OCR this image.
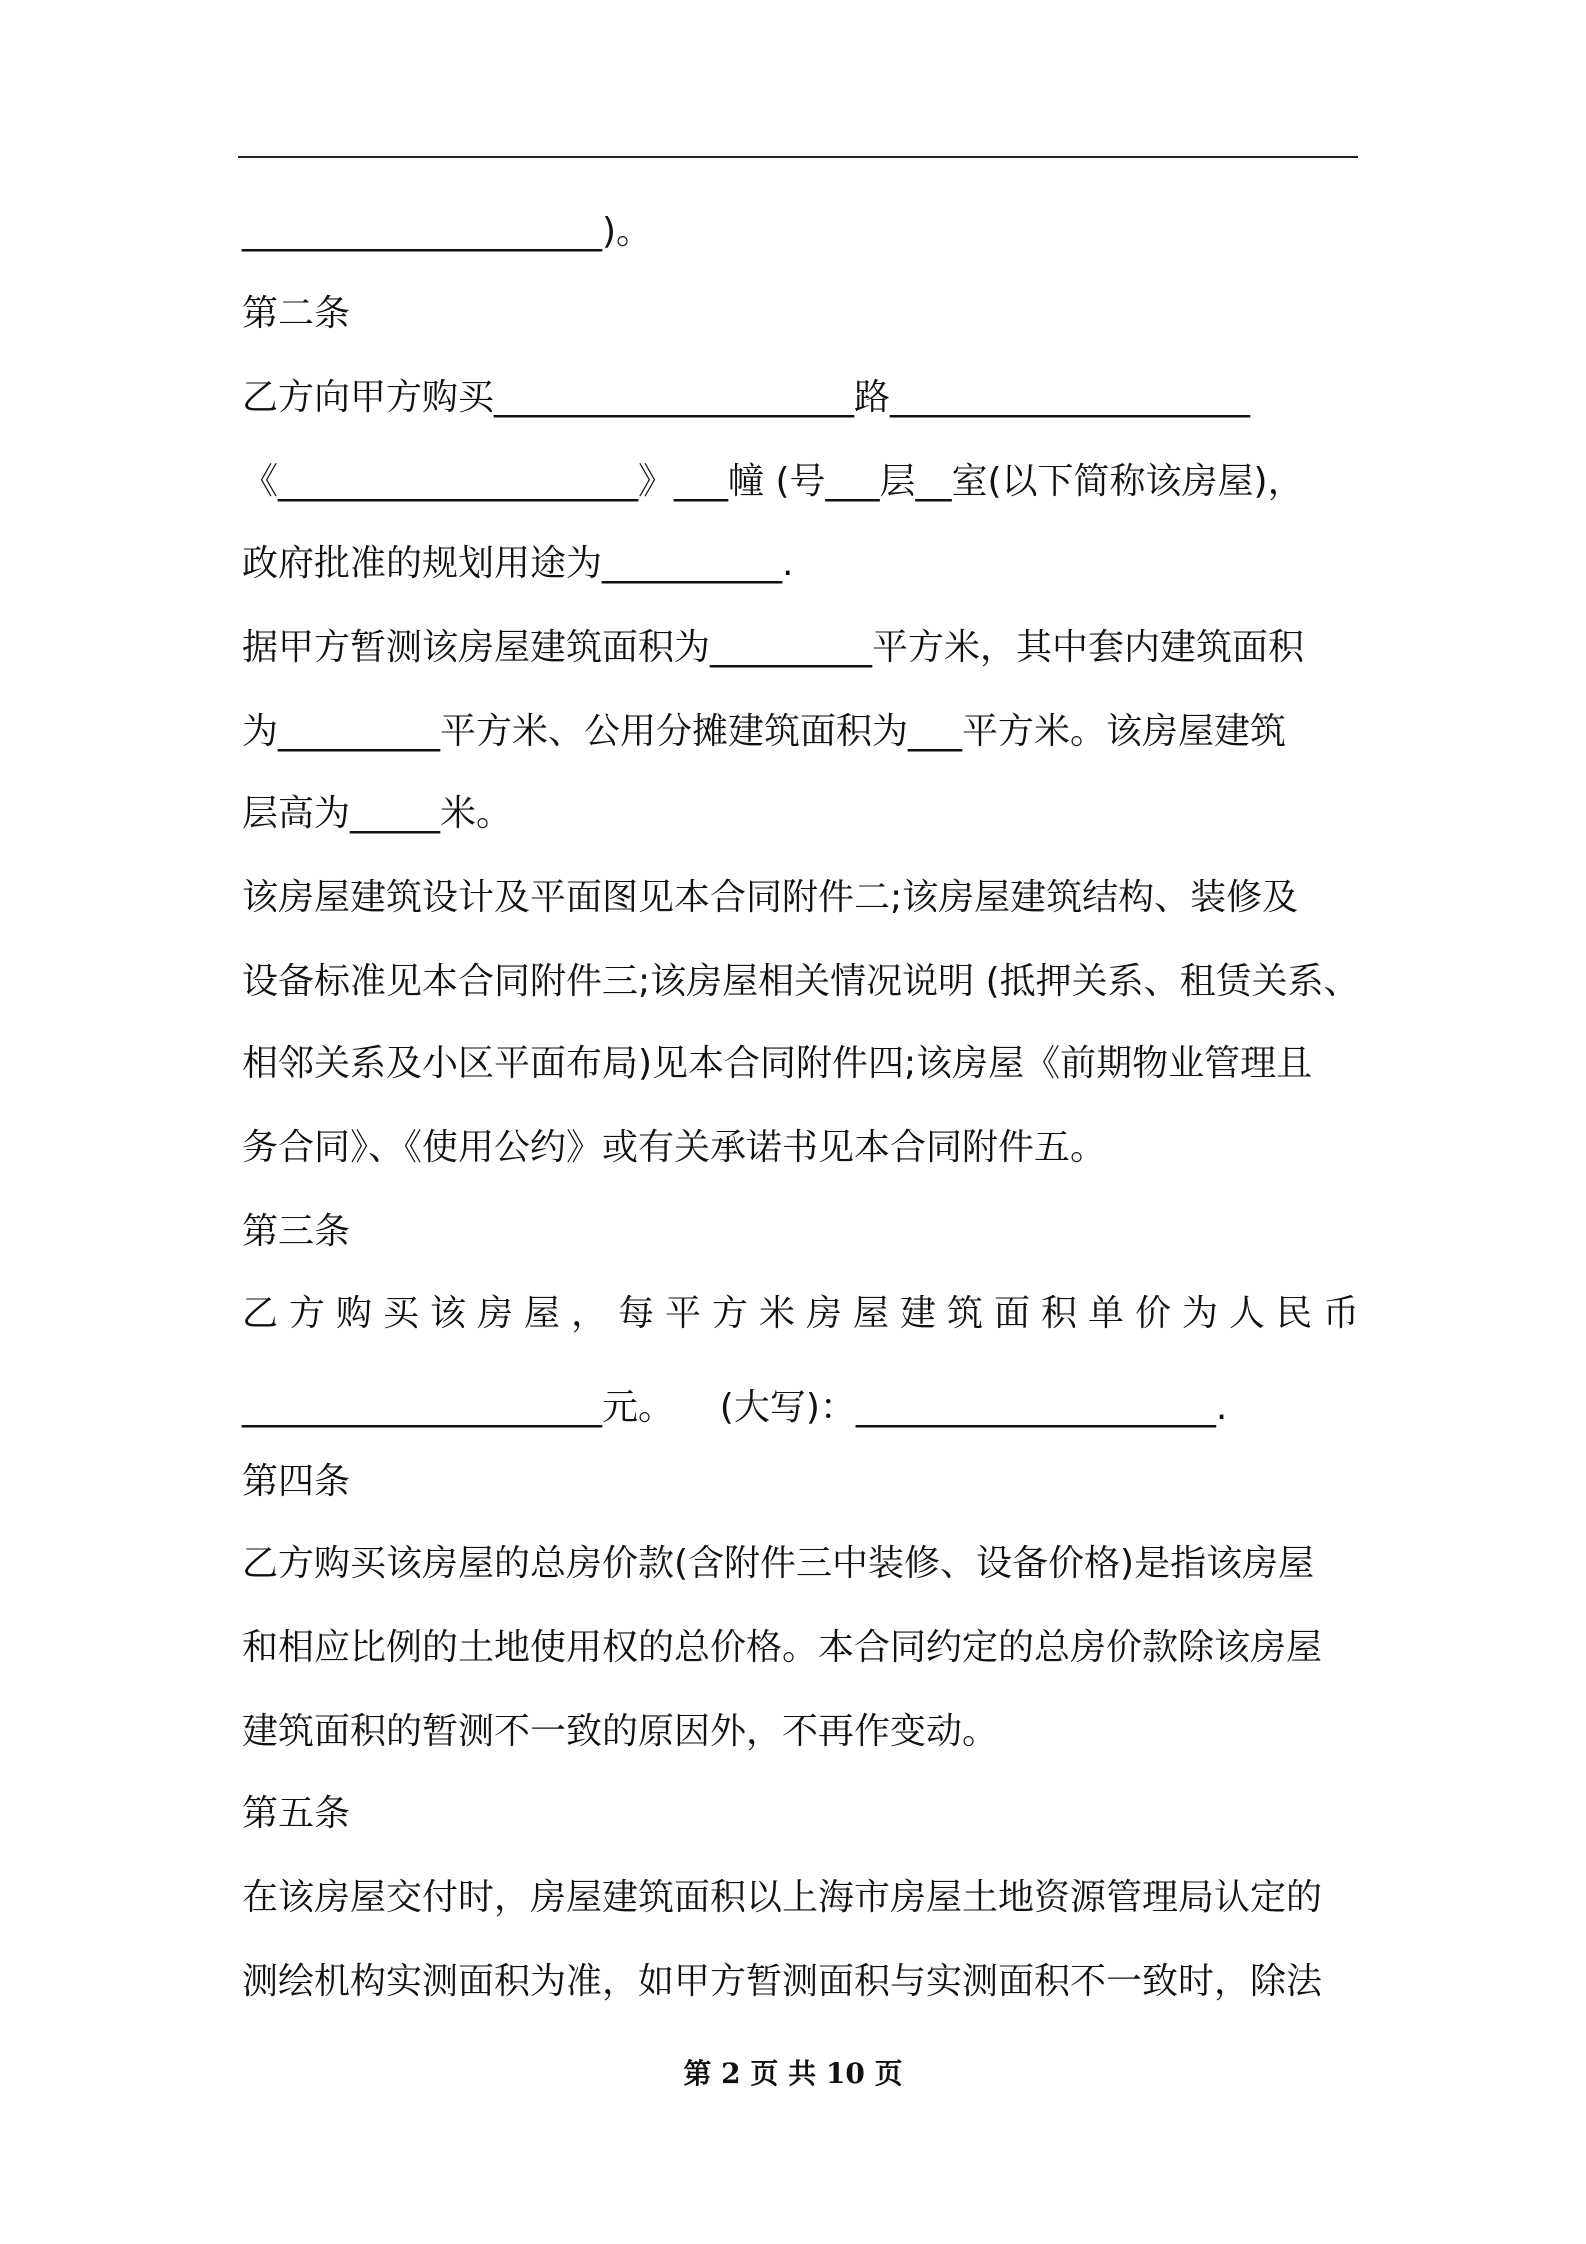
____________________)。
第二条
乙方向甲方购买____________________路____________________
《____________________》___幢 (号___层__室(以下简称该房屋)，
政府批准的规划用途为__________.
据甲方暂测该房屋建筑面积为_________平方米，其中套内建筑面积
为_________平方米、公用分摊建筑面积为___平方米。该房屋建筑
层高为_____米。
该房屋建筑设计及平面图见本合同附件二;该房屋建筑结构、装修及
设备标准见本合同附件三;该房屋相关情况说明 (抵押关系、租赁关系、
相邻关系及小区平面布局)见本合同附件四;该房屋《前期物业管理且
务合同》、《使用公约》或有关承诺书见本合同附件五。
第三条
乙方购买该房屋，每平方米房屋建筑面积单价为人民币
____________________元。    (大写)：____________________.
第四条
乙方购买该房屋的总房价款(含附件三中装修、设备价格)是指该房屋
和相应比例的土地使用权的总价格。本合同约定的总房价款除该房屋
建筑面积的暂测不一致的原因外，不再作变动。
第五条
在该房屋交付时，房屋建筑面积以上海市房屋土地资源管理局认定的
测绘机构实测面积为准，如甲方暂测面积与实测面积不一致时，除法
第 2 页 共 10 页
